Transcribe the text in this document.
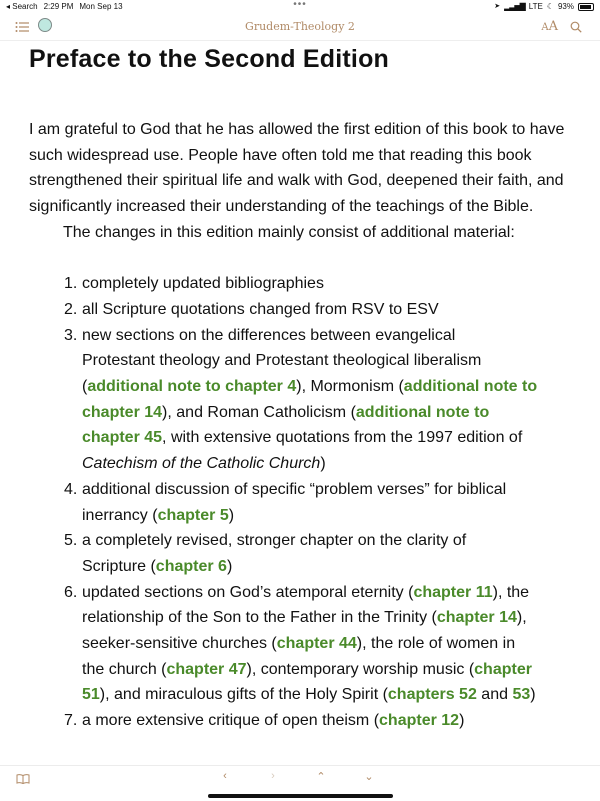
◂ Search 2:29 PM Mon Sep 13	•••	➤ ▂▃▅▇ LTE ☾ 93%
Grudem-Theology 2	A A
Preface to the Second Edition

I am grateful to God that he has allowed the first edition of this book to have such widespread use. People have often told me that reading this book strengthened their spiritual life and walk with God, deepened their faith, and significantly increased their understanding of the teachings of the Bible.

The changes in this edition mainly consist of additional material:

1. completely updated bibliographies
2. all Scripture quotations changed from RSV to ESV
3. new sections on the differences between evangelical
Protestant theology and Protestant theological liberalism
(additional note to chapter 4), Mormonism (additional note to
chapter 14), and Roman Catholicism (additional note to
chapter 45, with extensive quotations from the 1997 edition of
Catechism of the Catholic Church)
4. additional discussion of specific “problem verses” for biblical
inerrancy (chapter 5)
5. a completely revised, stronger chapter on the clarity of
Scripture (chapter 6)
6. updated sections on God’s atemporal eternity (chapter 11), the
relationship of the Son to the Father in the Trinity (chapter 14),
seeker-sensitive churches (chapter 44), the role of women in
the church (chapter 47), contemporary worship music (chapter
51), and miraculous gifts of the Holy Spirit (chapters 52 and 53)
7. a more extensive critique of open theism (chapter 12)
‹	›	⌃	⌄
